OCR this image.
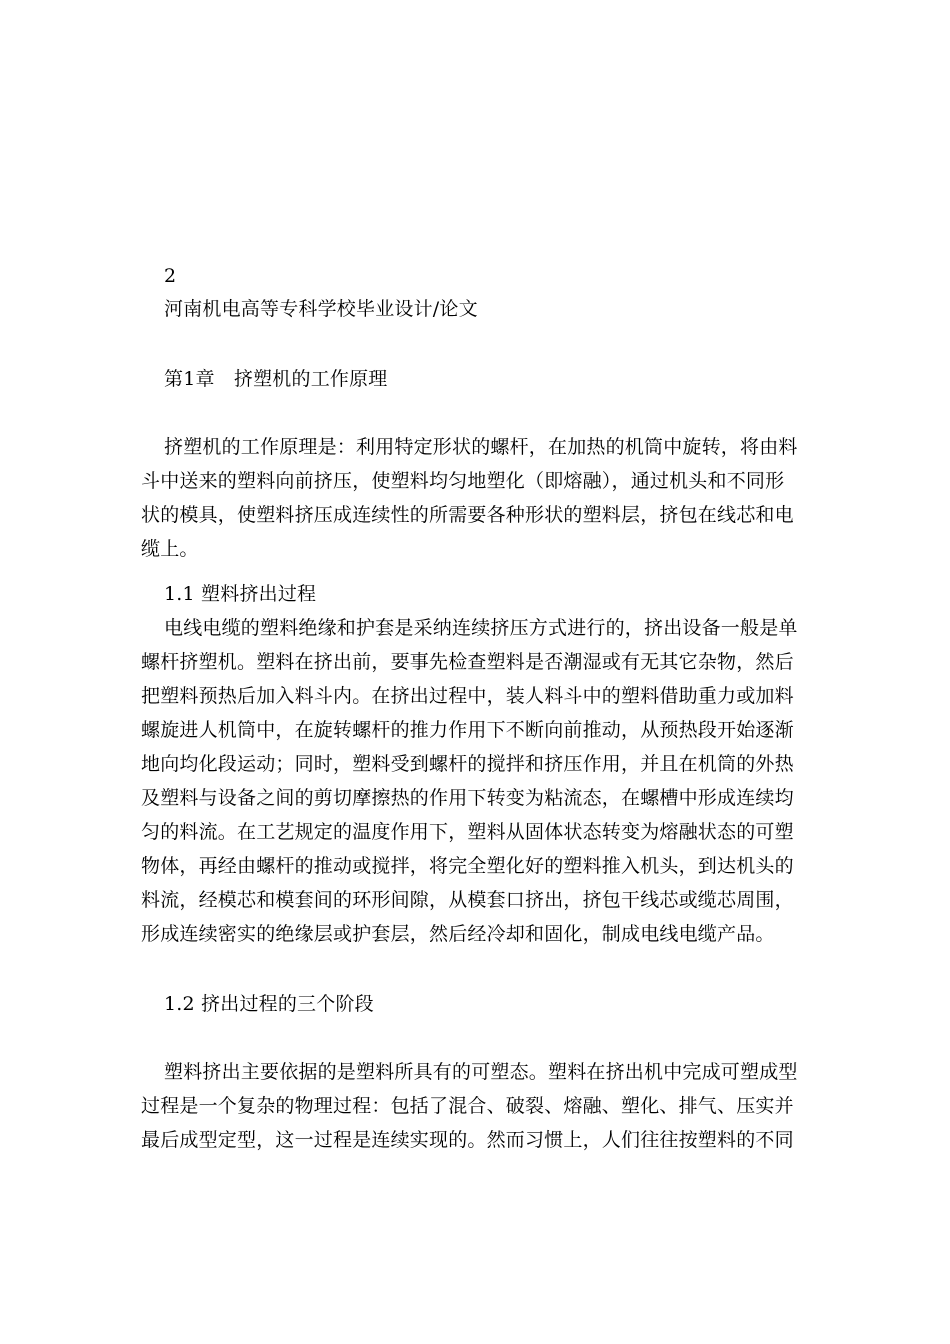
2
河南机电高等专科学校毕业设计/论文
第1章　挤塑机的工作原理
挤塑机的工作原理是：利用特定形状的螺杆，在加热的机筒中旋转，将由料
斗中送来的塑料向前挤压，使塑料均匀地塑化（即熔融），通过机头和不同形
状的模具，使塑料挤压成连续性的所需要各种形状的塑料层，挤包在线芯和电
缆上。
1.1 塑料挤出过程
电线电缆的塑料绝缘和护套是采纳连续挤压方式进行的，挤出设备一般是单
螺杆挤塑机。塑料在挤出前，要事先检查塑料是否潮湿或有无其它杂物，然后
把塑料预热后加入料斗内。在挤出过程中，装人料斗中的塑料借助重力或加料
螺旋进人机筒中，在旋转螺杆的推力作用下不断向前推动，从预热段开始逐渐
地向均化段运动；同时，塑料受到螺杆的搅拌和挤压作用，并且在机筒的外热
及塑料与设备之间的剪切摩擦热的作用下转变为粘流态，在螺槽中形成连续均
匀的料流。在工艺规定的温度作用下，塑料从固体状态转变为熔融状态的可塑
物体，再经由螺杆的推动或搅拌，将完全塑化好的塑料推入机头，到达机头的
料流，经模芯和模套间的环形间隙，从模套口挤出，挤包干线芯或缆芯周围，
形成连续密实的绝缘层或护套层，然后经冷却和固化，制成电线电缆产品。
1.2 挤出过程的三个阶段
塑料挤出主要依据的是塑料所具有的可塑态。塑料在挤出机中完成可塑成型
过程是一个复杂的物理过程：包括了混合、破裂、熔融、塑化、排气、压实并
最后成型定型，这一过程是连续实现的。然而习惯上，人们往往按塑料的不同
